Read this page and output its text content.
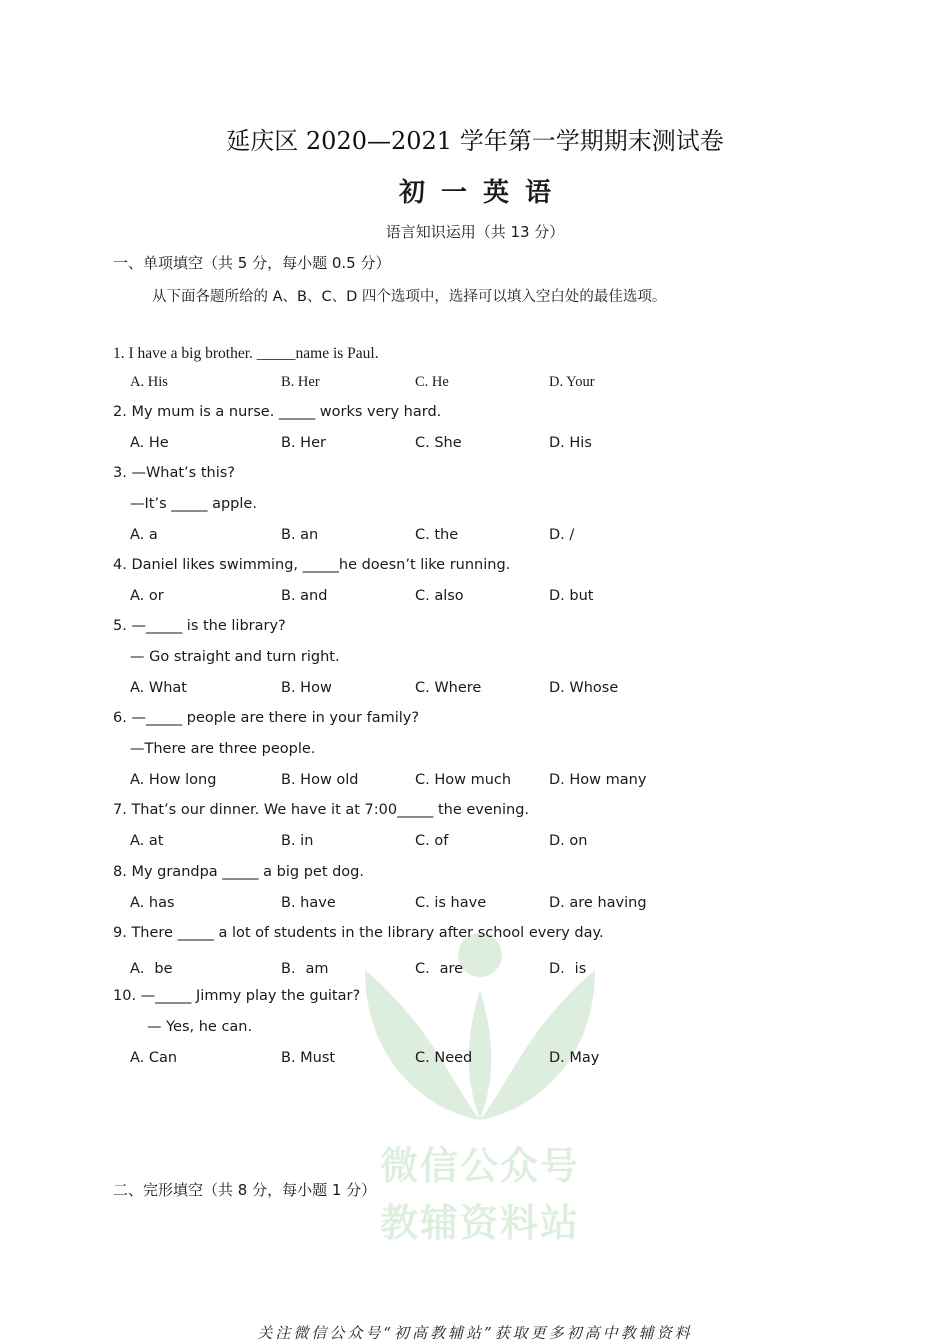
微信公众号
教辅资料站
延庆区 2020—2021 学年第一学期期末测试卷
初一英语
语言知识运用（共 13 分）
一、单项填空（共 5 分，每小题 0.5 分）
从下面各题所给的 A、B、C、D 四个选项中，选择可以填入空白处的最佳选项。
1. I have a big brother. _____name is Paul.
A. His	B. Her	C. He	D. Your
2. My mum is a nurse. _____ works very hard.
A. He	B. Her	C. She	D. His
3. —What’s this?
—It’s _____ apple.
A. a	B. an	C. the	D. /
4. Daniel likes swimming, _____he doesn’t like running.
A. or	B. and	C. also	D. but
5. —_____ is the library?
— Go straight and turn right.
A. What	B. How	C. Where	D. Whose
6. —_____ people are there in your family?
—There are three people.
A. How long	B. How old	C. How much	D. How many
7. That’s our dinner. We have it at 7:00_____ the evening.
A. at	B. in	C. of	D. on
8. My grandpa _____ a big pet dog.
A. has	B. have	C. is have	D. are having
9. There _____ a lot of students in the library after school every day.
A．be	B．am	C．are	D．is
10. —_____ Jimmy play the guitar?
— Yes, he can.
A. Can	B. Must	C. Need	D. May
二、完形填空（共 8 分，每小题 1 分）
关注微信公众号“初高教辅站”获取更多初高中教辅资料
